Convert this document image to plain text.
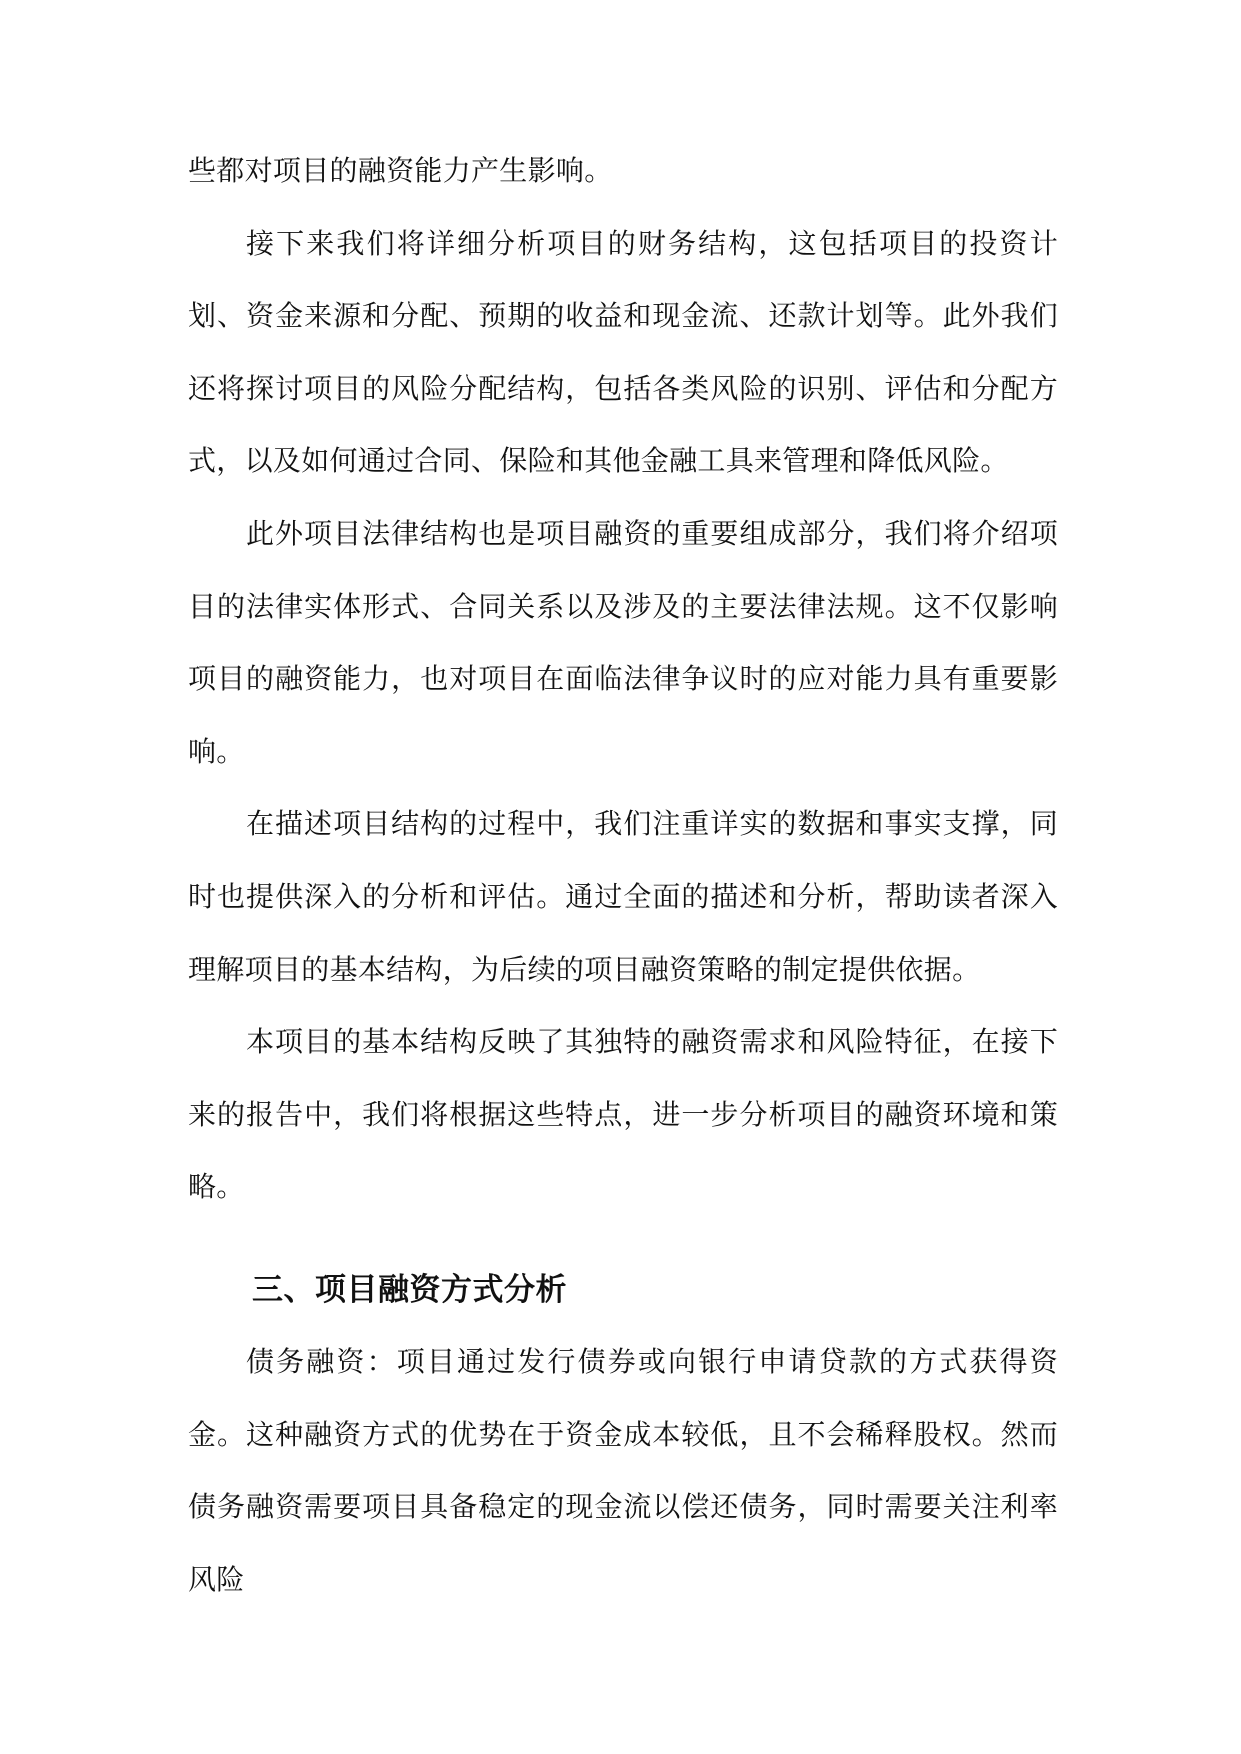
些都对项目的融资能力产生影响。

接下来我们将详细分析项目的财务结构，这包括项目的投资计划、资金来源和分配、预期的收益和现金流、还款计划等。此外我们还将探讨项目的风险分配结构，包括各类风险的识别、评估和分配方式，以及如何通过合同、保险和其他金融工具来管理和降低风险。

此外项目法律结构也是项目融资的重要组成部分，我们将介绍项目的法律实体形式、合同关系以及涉及的主要法律法规。这不仅影响项目的融资能力，也对项目在面临法律争议时的应对能力具有重要影响。

在描述项目结构的过程中，我们注重详实的数据和事实支撑，同时也提供深入的分析和评估。通过全面的描述和分析，帮助读者深入理解项目的基本结构，为后续的项目融资策略的制定提供依据。

本项目的基本结构反映了其独特的融资需求和风险特征，在接下来的报告中，我们将根据这些特点，进一步分析项目的融资环境和策略。

三、项目融资方式分析

债务融资：项目通过发行债券或向银行申请贷款的方式获得资金。这种融资方式的优势在于资金成本较低，且不会稀释股权。然而债务融资需要项目具备稳定的现金流以偿还债务，同时需要关注利率风险
